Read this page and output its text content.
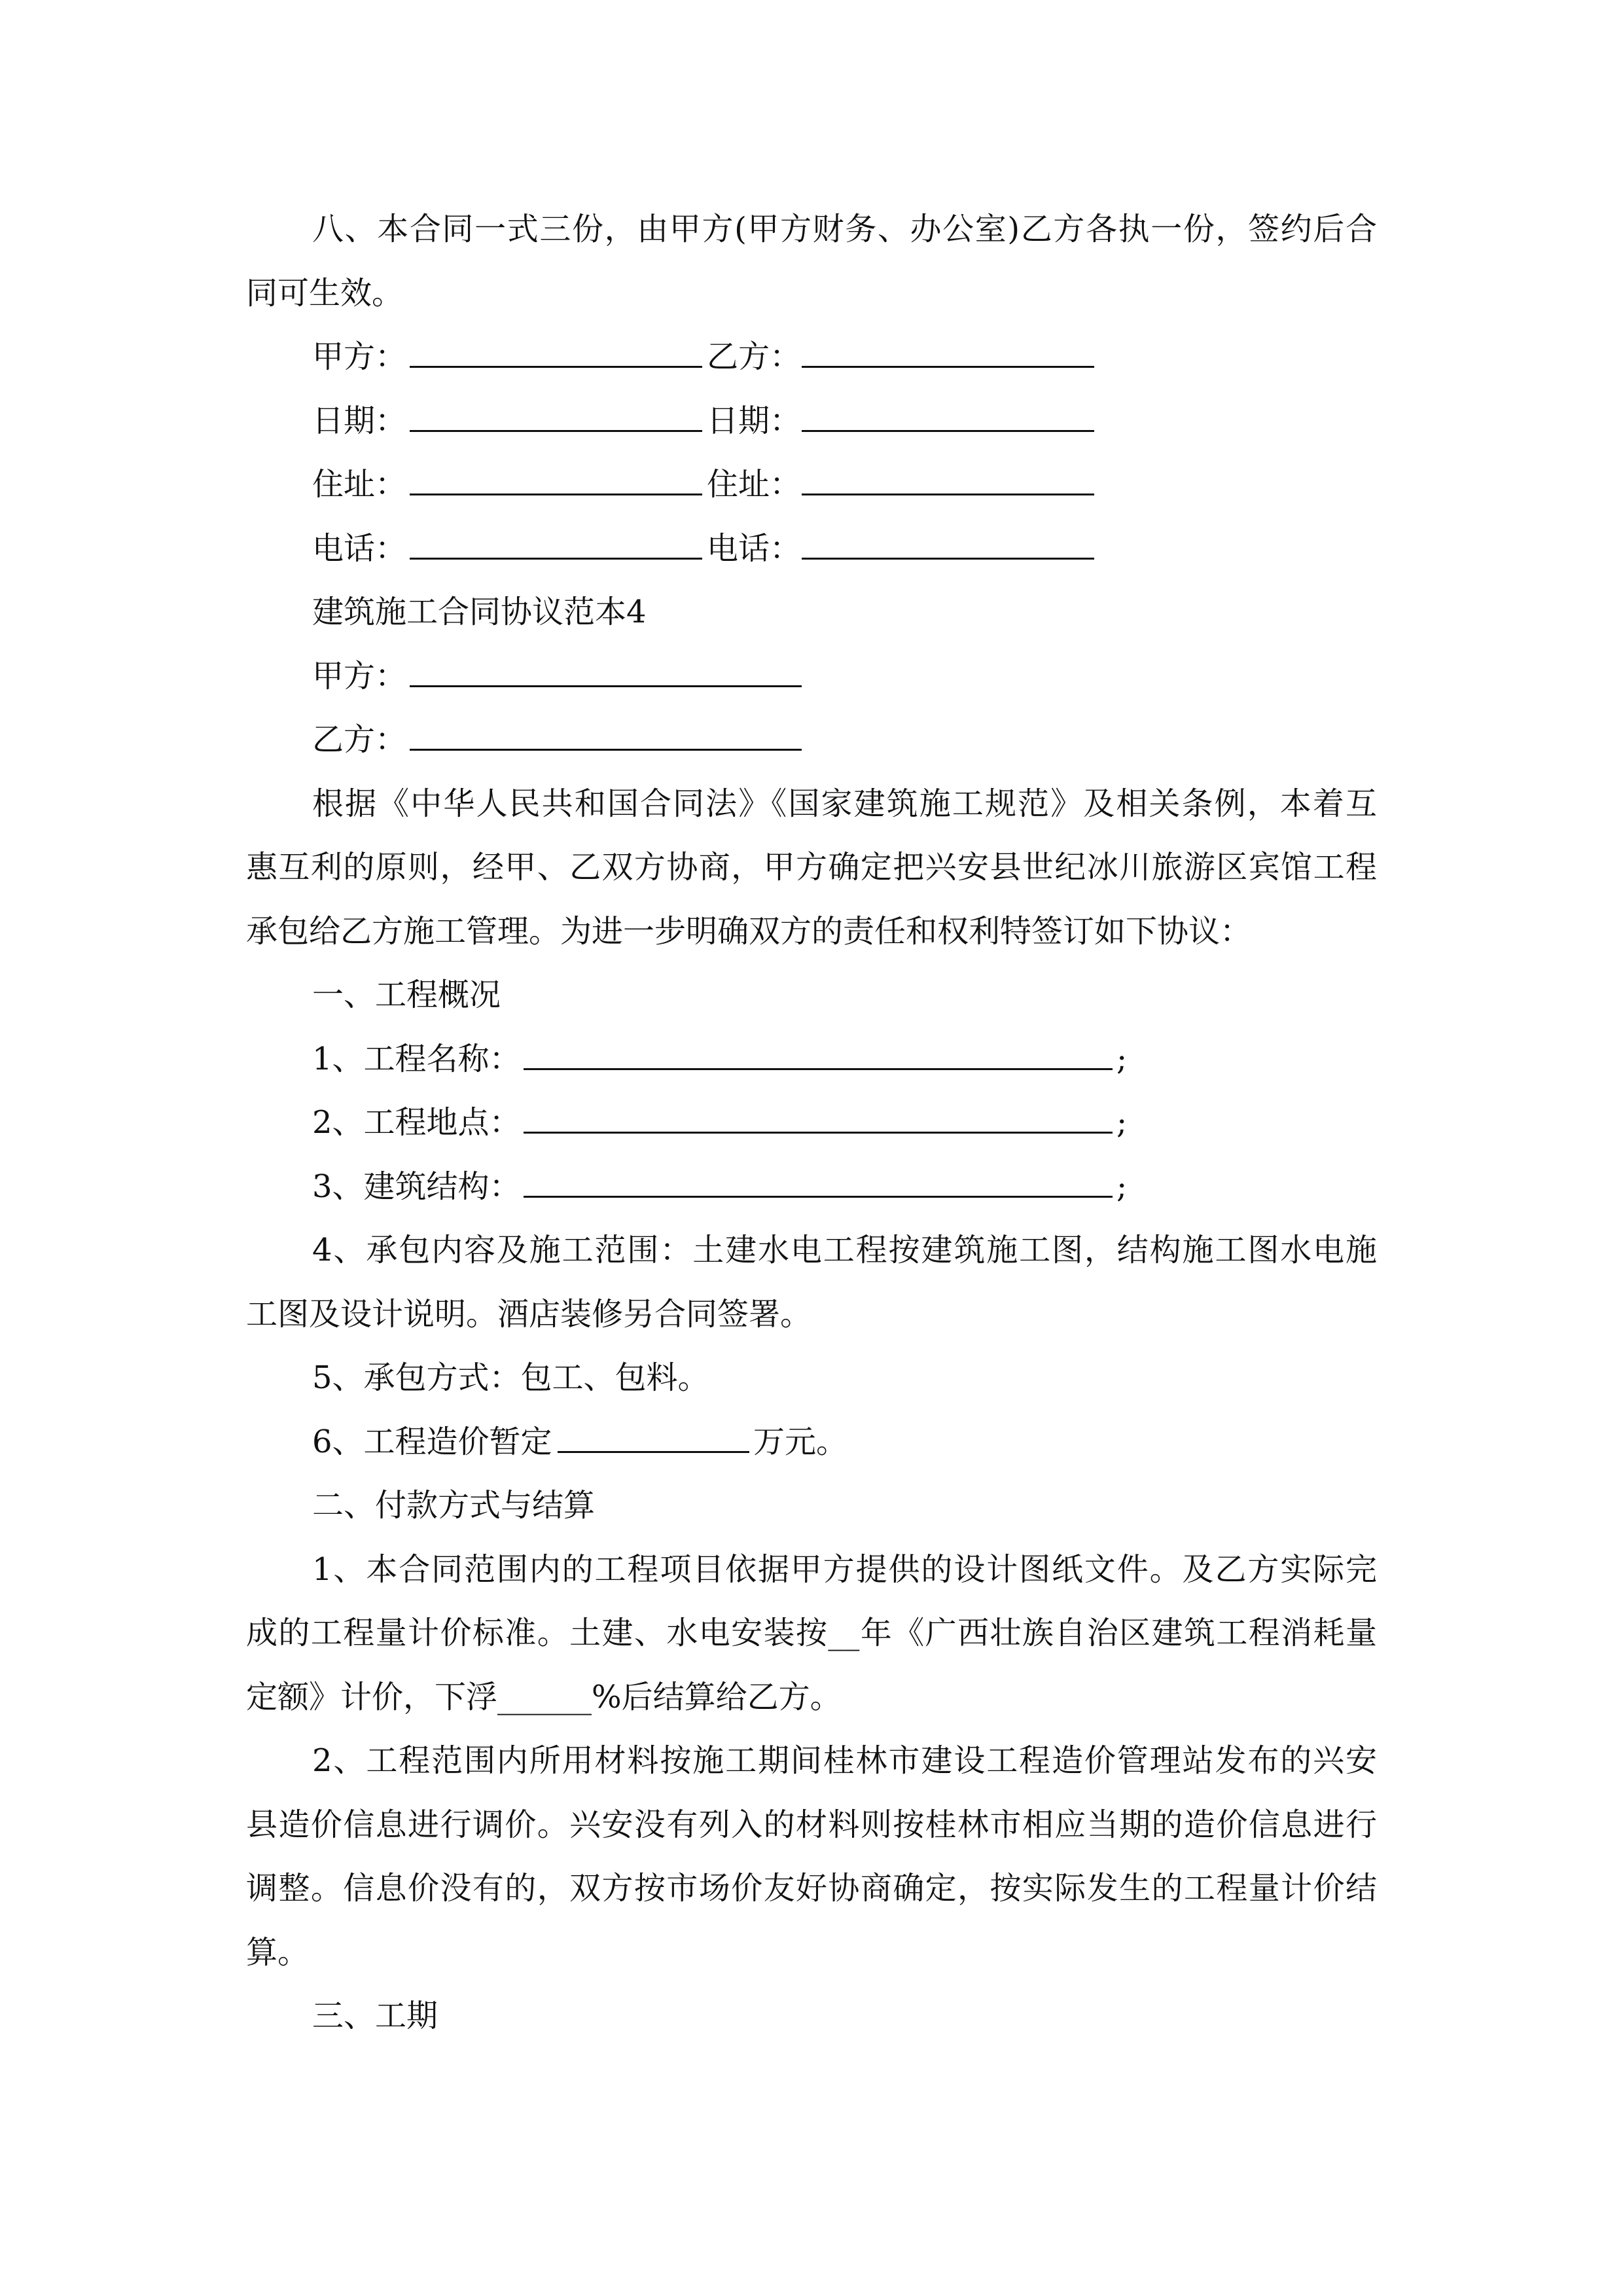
八、本合同一式三份，由甲方(甲方财务、办公室)乙方各执一份，签约后合
同可生效。
甲方：	乙方：
日期：	日期：
住址：	住址：
电话：	电话：
建筑施工合同协议范本4
甲方：
乙方：
根据《中华人民共和国合同法》《国家建筑施工规范》及相关条例，本着互
惠互利的原则，经甲、乙双方协商，甲方确定把兴安县世纪冰川旅游区宾馆工程
承包给乙方施工管理。为进一步明确双方的责任和权利特签订如下协议：
一、工程概况
1、工程名称：	;
2、工程地点：	;
3、建筑结构：	;
4、承包内容及施工范围：土建水电工程按建筑施工图，结构施工图水电施
工图及设计说明。酒店装修另合同签署。
5、承包方式：包工、包料。
6、工程造价暂定	万元。
二、付款方式与结算
1、本合同范围内的工程项目依据甲方提供的设计图纸文件。及乙方实际完
成的工程量计价标准。土建、水电安装按__年《广西壮族自治区建筑工程消耗量
定额》计价，下浮______%后结算给乙方。
2、工程范围内所用材料按施工期间桂林市建设工程造价管理站发布的兴安
县造价信息进行调价。兴安没有列入的材料则按桂林市相应当期的造价信息进行
调整。信息价没有的，双方按市场价友好协商确定，按实际发生的工程量计价结
算。
三、工期
